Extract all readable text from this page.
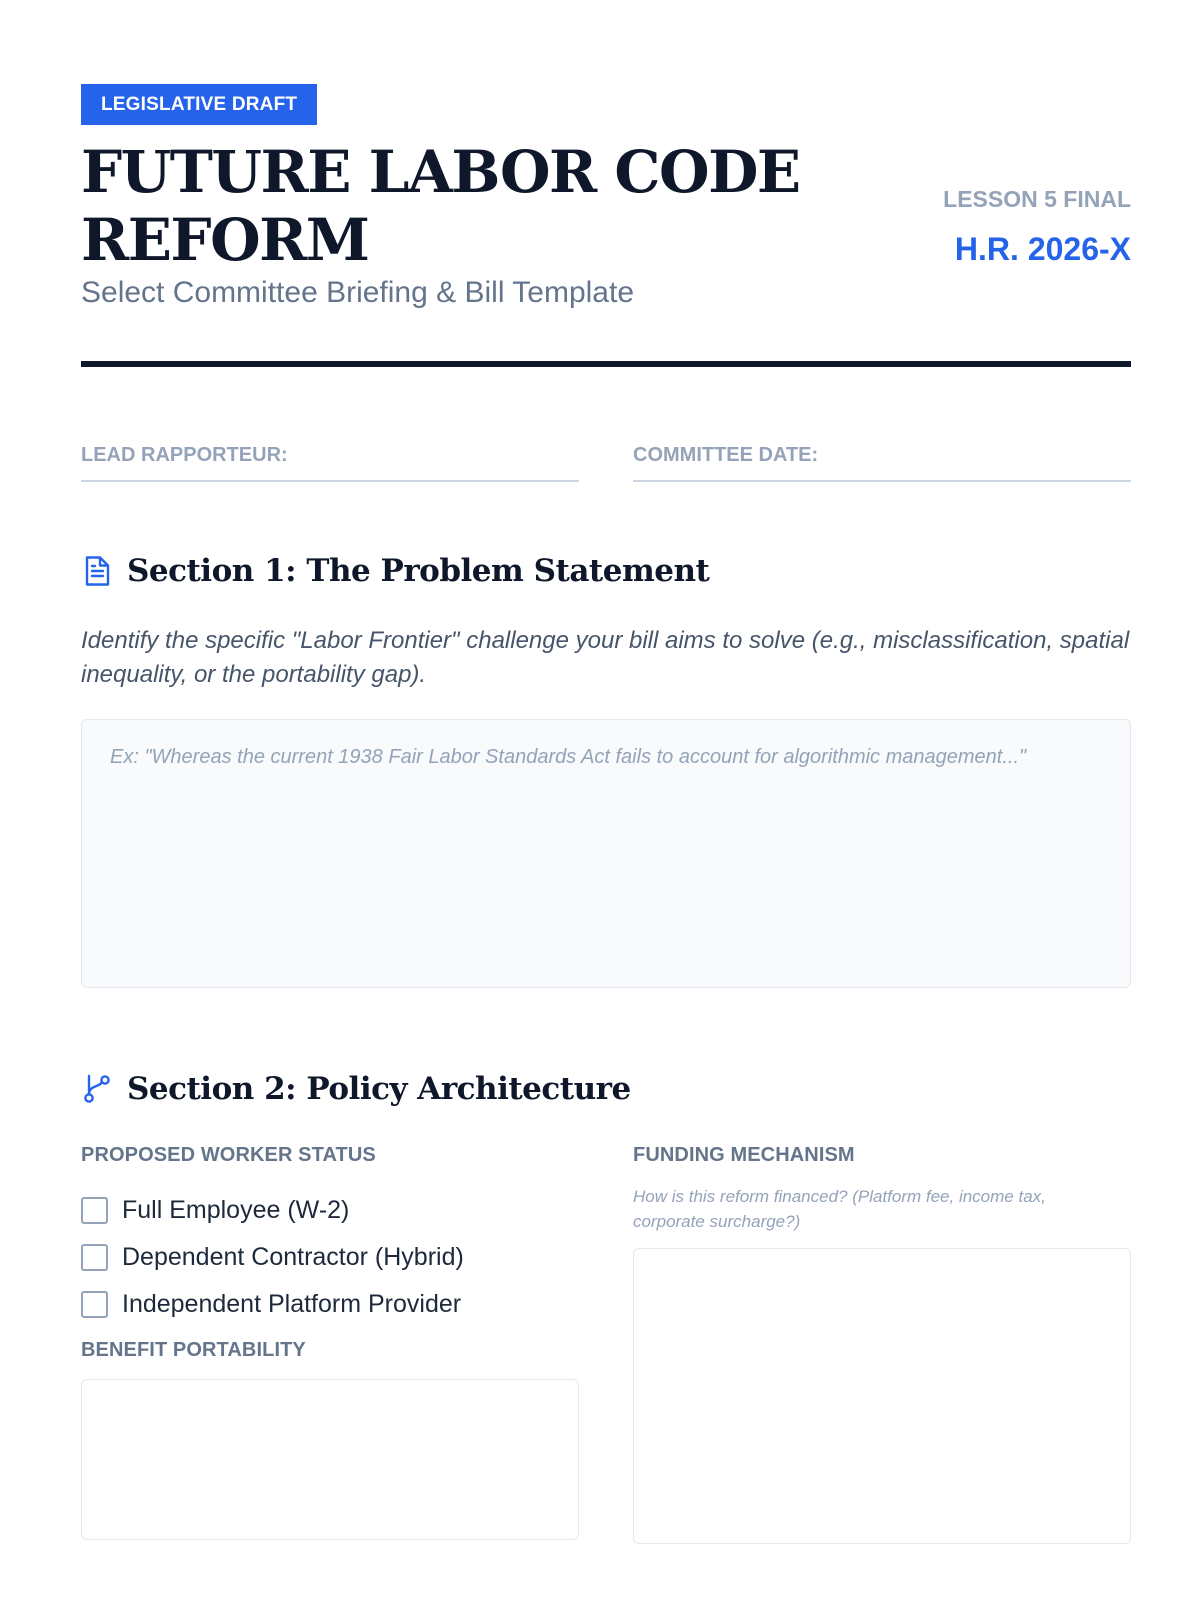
LEGISLATIVE DRAFT
FUTURE LABOR CODE REFORM
Select Committee Briefing & Bill Template
LESSON 5 FINAL
H.R. 2026-X
LEAD RAPPORTEUR:	COMMITTEE DATE:
Section 1: The Problem Statement

Identify the specific "Labor Frontier" challenge your bill aims to solve (e.g., misclassification, spatial inequality, or the portability gap).

Ex: "Whereas the current 1938 Fair Labor Standards Act fails to account for algorithmic management..."
Section 2: Policy Architecture
PROPOSED WORKER STATUS
Full Employee (W-2)
Dependent Contractor (Hybrid)
Independent Platform Provider
BENEFIT PORTABILITY
FUNDING MECHANISM
How is this reform financed? (Platform fee, income tax, corporate surcharge?)
